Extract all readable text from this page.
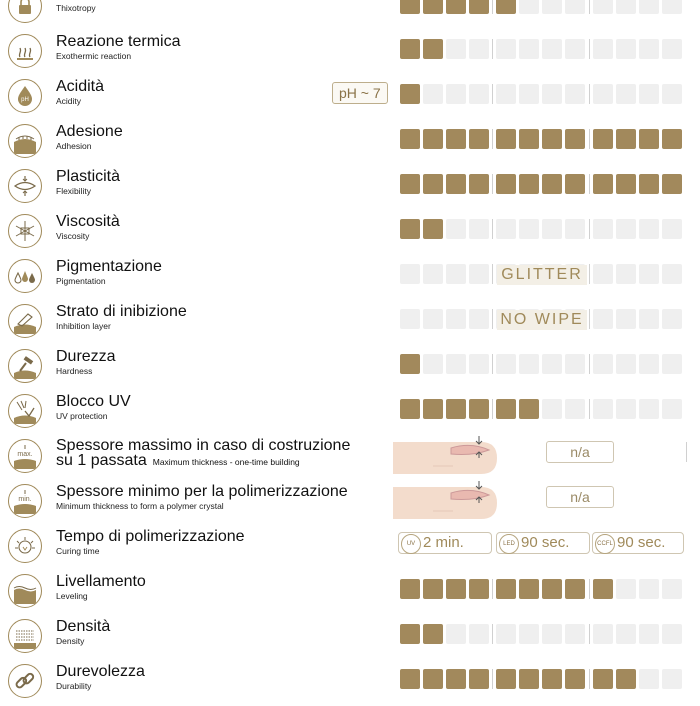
Thixotropy
Reazione termica
Exothermic reaction
pH
Acidità
Acidity	pH ~ 7
Adesione
Adhesion
Plasticità
Flexibility
Viscosità
Viscosity
Pigmentazione
Pigmentation	GLITTER
Strato di inibizione
Inhibition layer	NO WIPE
Durezza
Hardness
Blocco UV
UV protection
max.
Spessore massimo in caso di costruzione
su 1 passata Maximum thickness - one-time building
n/a
min. Spessore minimo per la polimerizzazione
Minimum thickness to form a polymer crystal
n/a
Tempo di polimerizzazione
Curing time
UV 2 min.	LED 90 sec.	CCFL 90 sec.
Livellamento
Leveling
Densità
Density
Durevolezza
Durability
